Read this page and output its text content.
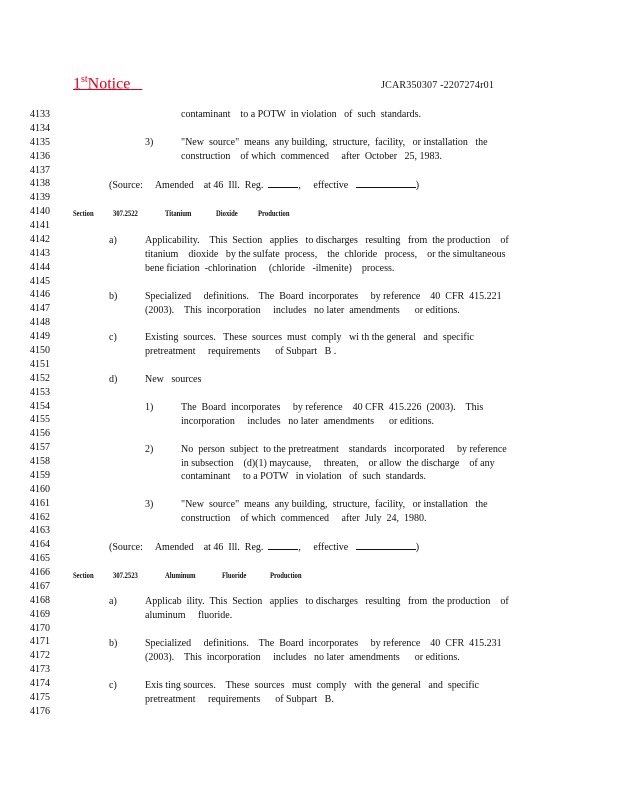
1stNotice	JCAR350307 -2207274r01
4133
4134
4135
4136
4137
4138
4139
4140
4141
4142
4143
4144
4145
4146
4147
4148
4149
4150
4151
4152
4153
4154
4155
4156
4157
4158
4159
4160
4161
4162
4163
4164
4165
4166
4167
4168
4169
4170
4171
4172
4173
4174
4175
4176
contaminant    to a POTW  in violation   of  such  standards.
3)	"New  source"  means  any building,  structure,  facility,   or installation   the
construction    of which  commenced     after  October   25, 1983.
(Source:     Amended    at 46  Ill.  Reg.	,     effective	)
Section 307.2522	Titanium	Dioxide Production
a)	Applicability.    This  Section   applies   to discharges   resulting   from  the production    of
titanium    dioxide   by the sulfate  process,    the  chloride   process,    or the simultaneous
bene ficiation  -chlorination     (chloride   -ilmenite)    process.
b)	Specialized     definitions.    The  Board  incorporates     by reference    40  CFR  415.221
(2003).    This  incorporation     includes   no later  amendments      or editions.
c)	Existing  sources.   These  sources  must  comply   wi th the general   and  specific
pretreatment     requirements      of Subpart   B .
d)	New   sources
1)	The  Board  incorporates     by reference    40 CFR  415.226  (2003).    This
incorporation     includes   no later  amendments      or editions.
2)	No  person  subject  to the pretreatment    standards   incorporated     by reference
in subsection    (d)(1) maycause,     threaten,    or allow  the discharge    of any
contaminant     to a POTW   in violation   of  such  standards.
3)	"New  source"  means  any building,  structure,  facility,   or installation   the
construction    of which  commenced     after  July  24,  1980.
(Source:     Amended    at 46  Ill.  Reg.	,     effective	)
Section 307.2523	Aluminum	Fluoride	Production
a)	Applicab  ility.  This  Section   applies   to discharges   resulting   from  the production    of
aluminum     fluoride.
b)	Specialized     definitions.    The  Board  incorporates     by reference    40  CFR  415.231
(2003).    This  incorporation     includes   no later  amendments      or editions.
c)	Exis ting sources.    These  sources   must  comply   with  the general   and  specific
pretreatment     requirements      of Subpart   B.
